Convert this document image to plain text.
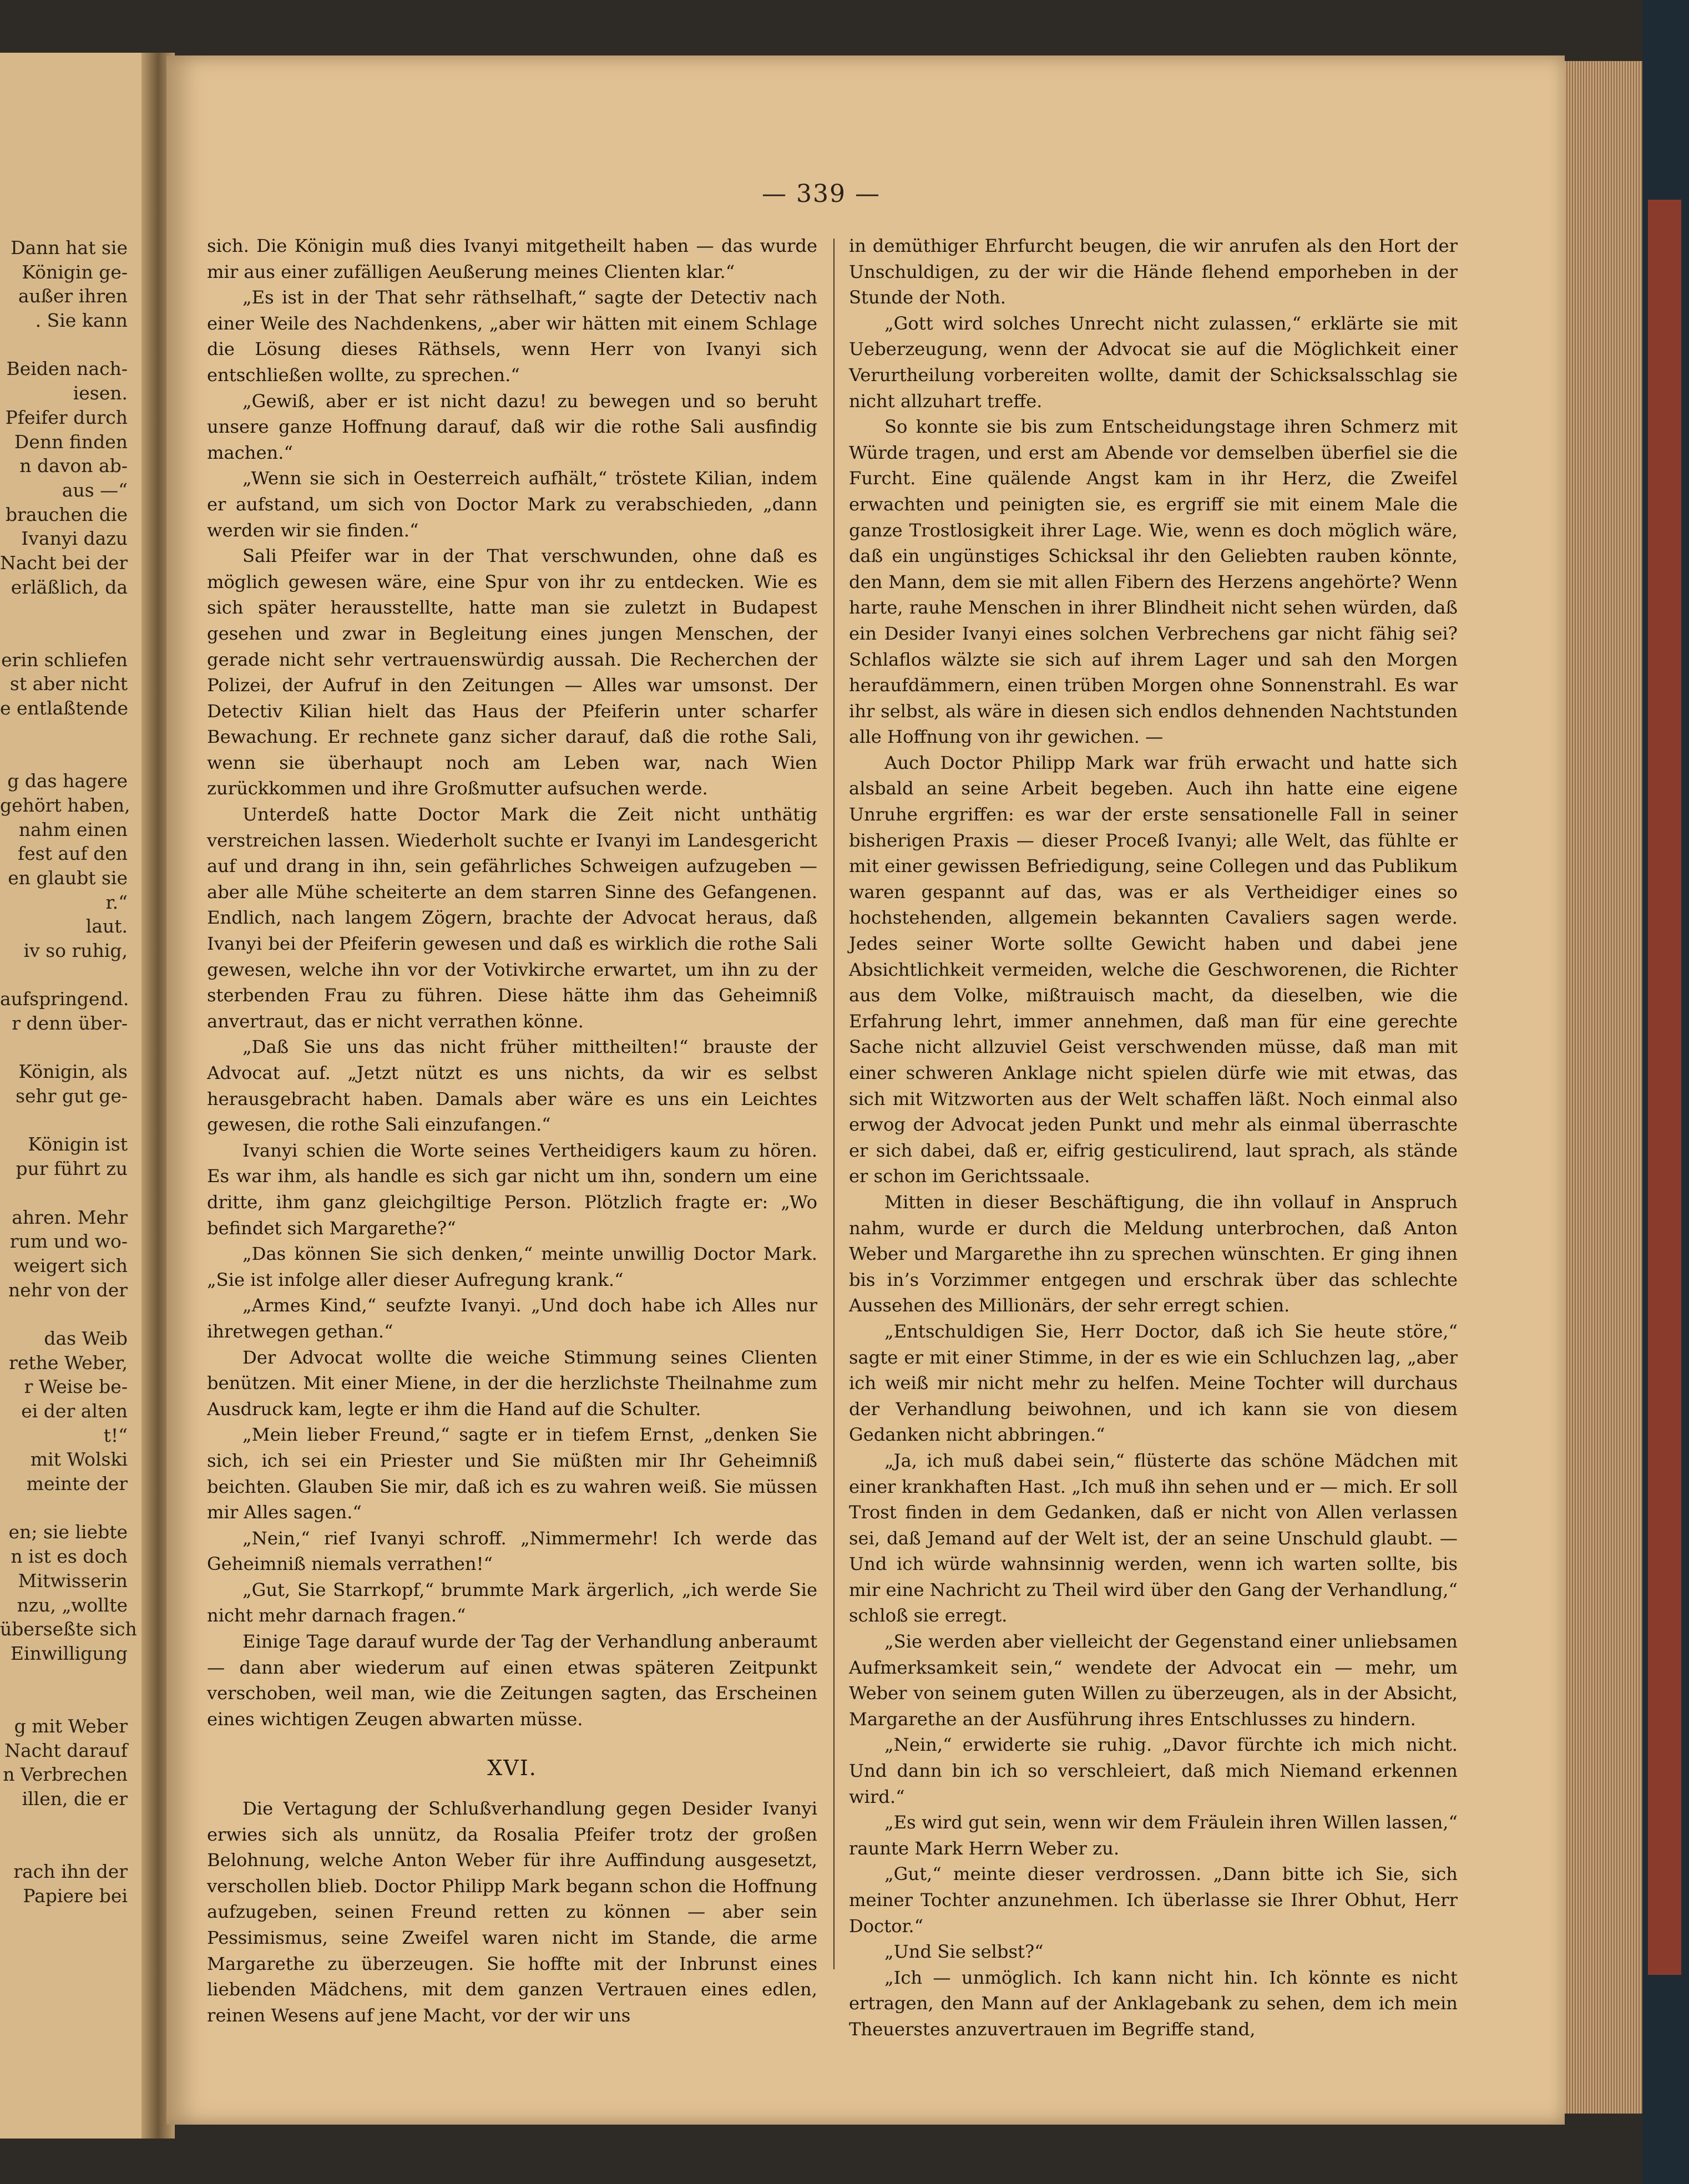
Dann hat sie
Königin ge-
außer ihren
. Sie kann
Beiden nach-
iesen.
Pfeifer durch
Denn finden
n davon ab-
aus —“
brauchen die
Ivanyi dazu
Nacht bei der
erläßlich, da
erin schliefen
st aber nicht
e entlaßtende
g das hagere
gehört haben,
nahm einen
fest auf den
en glaubt sie
r.“
laut.
iv so ruhig,
aufspringend.
r denn über-
Königin, als
sehr gut ge-
Königin ist
pur führt zu
ahren. Mehr
rum und wo-
weigert sich
nehr von der
das Weib
rethe Weber,
r Weise be-
ei der alten
t!“
mit Wolski
meinte der
en; sie liebte
n ist es doch
Mitwisserin
nzu, „wollte
überseßte sich
Einwilligung
g mit Weber
Nacht darauf
n Verbrechen
illen, die er
rach ihn der
Papiere bei
— 339 —

sich. Die Königin muß dies Ivanyi mitgetheilt haben — das wurde mir aus einer zufälligen Aeußerung meines Clienten klar.“

„Es ist in der That sehr räthselhaft,“ sagte der Detectiv nach einer Weile des Nachdenkens, „aber wir hätten mit einem Schlage die Lösung dieses Räthsels, wenn Herr von Ivanyi sich entschließen wollte, zu sprechen.“

„Gewiß, aber er ist nicht dazu! zu bewegen und so beruht unsere ganze Hoffnung darauf, daß wir die rothe Sali ausfindig machen.“

„Wenn sie sich in Oesterreich aufhält,“ tröstete Kilian, indem er aufstand, um sich von Doctor Mark zu verabschieden, „dann werden wir sie finden.“

Sali Pfeifer war in der That verschwunden, ohne daß es möglich gewesen wäre, eine Spur von ihr zu entdecken. Wie es sich später herausstellte, hatte man sie zuletzt in Budapest gesehen und zwar in Begleitung eines jungen Menschen, der gerade nicht sehr vertrauenswürdig aussah. Die Recherchen der Polizei, der Aufruf in den Zeitungen — Alles war umsonst. Der Detectiv Kilian hielt das Haus der Pfeiferin unter scharfer Bewachung. Er rechnete ganz sicher darauf, daß die rothe Sali, wenn sie überhaupt noch am Leben war, nach Wien zurückkommen und ihre Großmutter aufsuchen werde.

Unterdeß hatte Doctor Mark die Zeit nicht unthätig verstreichen lassen. Wiederholt suchte er Ivanyi im Landesgericht auf und drang in ihn, sein gefährliches Schweigen aufzugeben — aber alle Mühe scheiterte an dem starren Sinne des Gefangenen. Endlich, nach langem Zögern, brachte der Advocat heraus, daß Ivanyi bei der Pfeiferin gewesen und daß es wirklich die rothe Sali gewesen, welche ihn vor der Votivkirche erwartet, um ihn zu der sterbenden Frau zu führen. Diese hätte ihm das Geheimniß anvertraut, das er nicht verrathen könne.

„Daß Sie uns das nicht früher mittheilten!“ brauste der Advocat auf. „Jetzt nützt es uns nichts, da wir es selbst herausgebracht haben. Damals aber wäre es uns ein Leichtes gewesen, die rothe Sali einzufangen.“

Ivanyi schien die Worte seines Vertheidigers kaum zu hören. Es war ihm, als handle es sich gar nicht um ihn, sondern um eine dritte, ihm ganz gleichgiltige Person. Plötzlich fragte er: „Wo befindet sich Margarethe?“

„Das können Sie sich denken,“ meinte unwillig Doctor Mark. „Sie ist infolge aller dieser Aufregung krank.“

„Armes Kind,“ seufzte Ivanyi. „Und doch habe ich Alles nur ihretwegen gethan.“

Der Advocat wollte die weiche Stimmung seines Clienten benützen. Mit einer Miene, in der die herzlichste Theilnahme zum Ausdruck kam, legte er ihm die Hand auf die Schulter.

„Mein lieber Freund,“ sagte er in tiefem Ernst, „denken Sie sich, ich sei ein Priester und Sie müßten mir Ihr Geheimniß beichten. Glauben Sie mir, daß ich es zu wahren weiß. Sie müssen mir Alles sagen.“

„Nein,“ rief Ivanyi schroff. „Nimmermehr! Ich werde das Geheimniß niemals verrathen!“

„Gut, Sie Starrkopf,“ brummte Mark ärgerlich, „ich werde Sie nicht mehr darnach fragen.“

Einige Tage darauf wurde der Tag der Verhandlung anberaumt — dann aber wiederum auf einen etwas späteren Zeitpunkt verschoben, weil man, wie die Zeitungen sagten, das Erscheinen eines wichtigen Zeugen abwarten müsse.

XVI.

Die Vertagung der Schlußverhandlung gegen Desider Ivanyi erwies sich als unnütz, da Rosalia Pfeifer trotz der großen Belohnung, welche Anton Weber für ihre Auffindung ausgesetzt, verschollen blieb. Doctor Philipp Mark begann schon die Hoffnung aufzugeben, seinen Freund retten zu können — aber sein Pessimismus, seine Zweifel waren nicht im Stande, die arme Margarethe zu überzeugen. Sie hoffte mit der Inbrunst eines liebenden Mädchens, mit dem ganzen Vertrauen eines edlen, reinen Wesens auf jene Macht, vor der wir uns

in demüthiger Ehrfurcht beugen, die wir anrufen als den Hort der Unschuldigen, zu der wir die Hände flehend emporheben in der Stunde der Noth.

„Gott wird solches Unrecht nicht zulassen,“ erklärte sie mit Ueberzeugung, wenn der Advocat sie auf die Möglichkeit einer Verurtheilung vorbereiten wollte, damit der Schicksalsschlag sie nicht allzuhart treffe.

So konnte sie bis zum Entscheidungstage ihren Schmerz mit Würde tragen, und erst am Abende vor demselben überfiel sie die Furcht. Eine quälende Angst kam in ihr Herz, die Zweifel erwachten und peinigten sie, es ergriff sie mit einem Male die ganze Trostlosigkeit ihrer Lage. Wie, wenn es doch möglich wäre, daß ein ungünstiges Schicksal ihr den Geliebten rauben könnte, den Mann, dem sie mit allen Fibern des Herzens angehörte? Wenn harte, rauhe Menschen in ihrer Blindheit nicht sehen würden, daß ein Desider Ivanyi eines solchen Verbrechens gar nicht fähig sei? Schlaflos wälzte sie sich auf ihrem Lager und sah den Morgen heraufdämmern, einen trüben Morgen ohne Sonnenstrahl. Es war ihr selbst, als wäre in diesen sich endlos dehnenden Nachtstunden alle Hoffnung von ihr gewichen. —

Auch Doctor Philipp Mark war früh erwacht und hatte sich alsbald an seine Arbeit begeben. Auch ihn hatte eine eigene Unruhe ergriffen: es war der erste sensationelle Fall in seiner bisherigen Praxis — dieser Proceß Ivanyi; alle Welt, das fühlte er mit einer gewissen Befriedigung, seine Collegen und das Publikum waren gespannt auf das, was er als Vertheidiger eines so hochstehenden, allgemein bekannten Cavaliers sagen werde. Jedes seiner Worte sollte Gewicht haben und dabei jene Absichtlichkeit vermeiden, welche die Geschworenen, die Richter aus dem Volke, mißtrauisch macht, da dieselben, wie die Erfahrung lehrt, immer annehmen, daß man für eine gerechte Sache nicht allzuviel Geist verschwenden müsse, daß man mit einer schweren Anklage nicht spielen dürfe wie mit etwas, das sich mit Witzworten aus der Welt schaffen läßt. Noch einmal also erwog der Advocat jeden Punkt und mehr als einmal überraschte er sich dabei, daß er, eifrig gesticulirend, laut sprach, als stände er schon im Gerichtssaale.

Mitten in dieser Beschäftigung, die ihn vollauf in Anspruch nahm, wurde er durch die Meldung unterbrochen, daß Anton Weber und Margarethe ihn zu sprechen wünschten. Er ging ihnen bis in’s Vorzimmer entgegen und erschrak über das schlechte Aussehen des Millionärs, der sehr erregt schien.

„Entschuldigen Sie, Herr Doctor, daß ich Sie heute störe,“ sagte er mit einer Stimme, in der es wie ein Schluchzen lag, „aber ich weiß mir nicht mehr zu helfen. Meine Tochter will durchaus der Verhandlung beiwohnen, und ich kann sie von diesem Gedanken nicht abbringen.“

„Ja, ich muß dabei sein,“ flüsterte das schöne Mädchen mit einer krankhaften Hast. „Ich muß ihn sehen und er — mich. Er soll Trost finden in dem Gedanken, daß er nicht von Allen verlassen sei, daß Jemand auf der Welt ist, der an seine Unschuld glaubt. — Und ich würde wahnsinnig werden, wenn ich warten sollte, bis mir eine Nachricht zu Theil wird über den Gang der Verhandlung,“ schloß sie erregt.

„Sie werden aber vielleicht der Gegenstand einer unliebsamen Aufmerksamkeit sein,“ wendete der Advocat ein — mehr, um Weber von seinem guten Willen zu überzeugen, als in der Absicht, Margarethe an der Ausführung ihres Entschlusses zu hindern.

„Nein,“ erwiderte sie ruhig. „Davor fürchte ich mich nicht. Und dann bin ich so verschleiert, daß mich Niemand erkennen wird.“

„Es wird gut sein, wenn wir dem Fräulein ihren Willen lassen,“ raunte Mark Herrn Weber zu.

„Gut,“ meinte dieser verdrossen. „Dann bitte ich Sie, sich meiner Tochter anzunehmen. Ich überlasse sie Ihrer Obhut, Herr Doctor.“

„Und Sie selbst?“

„Ich — unmöglich. Ich kann nicht hin. Ich könnte es nicht ertragen, den Mann auf der Anklagebank zu sehen, dem ich mein Theuerstes anzuvertrauen im Begriffe stand,
